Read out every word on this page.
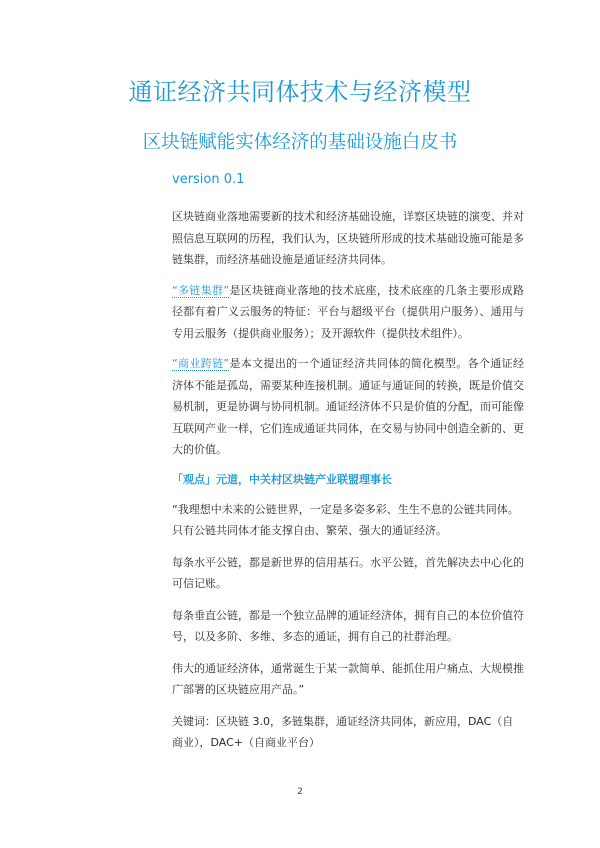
通证经济共同体技术与经济模型
区块链赋能实体经济的基础设施白皮书
version 0.1

区块链商业落地需要新的技术和经济基础设施，详察区块链的演变、并对照信息互联网的历程，我们认为，区块链所形成的技术基础设施可能是多链集群，而经济基础设施是通证经济共同体。

“多链集群”是区块链商业落地的技术底座，技术底座的几条主要形成路径都有着广义云服务的特征：平台与超级平台（提供用户服务）、通用与专用云服务（提供商业服务）；及开源软件（提供技术组件）。

“商业跨链”是本文提出的一个通证经济共同体的简化模型。各个通证经济体不能是孤岛，需要某种连接机制。通证与通证间的转换，既是价值交易机制，更是协调与协同机制。通证经济体不只是价值的分配，而可能像互联网产业一样，它们连成通证共同体，在交易与协同中创造全新的、更大的价值。

「观点」元道，中关村区块链产业联盟理事长

“我理想中未来的公链世界，一定是多姿多彩、生生不息的公链共同体。只有公链共同体才能支撑自由、繁荣、强大的通证经济。

每条水平公链，都是新世界的信用基石。水平公链，首先解决去中心化的可信记账。

每条垂直公链，都是一个独立品牌的通证经济体，拥有自己的本位价值符号，以及多阶、多维、多态的通证，拥有自己的社群治理。

伟大的通证经济体，通常诞生于某一款简单、能抓住用户痛点、大规模推广部署的区块链应用产品。”

关键词：区块链 3.0，多链集群，通证经济共同体，新应用，DAC（自商业），DAC+（自商业平台）

2
